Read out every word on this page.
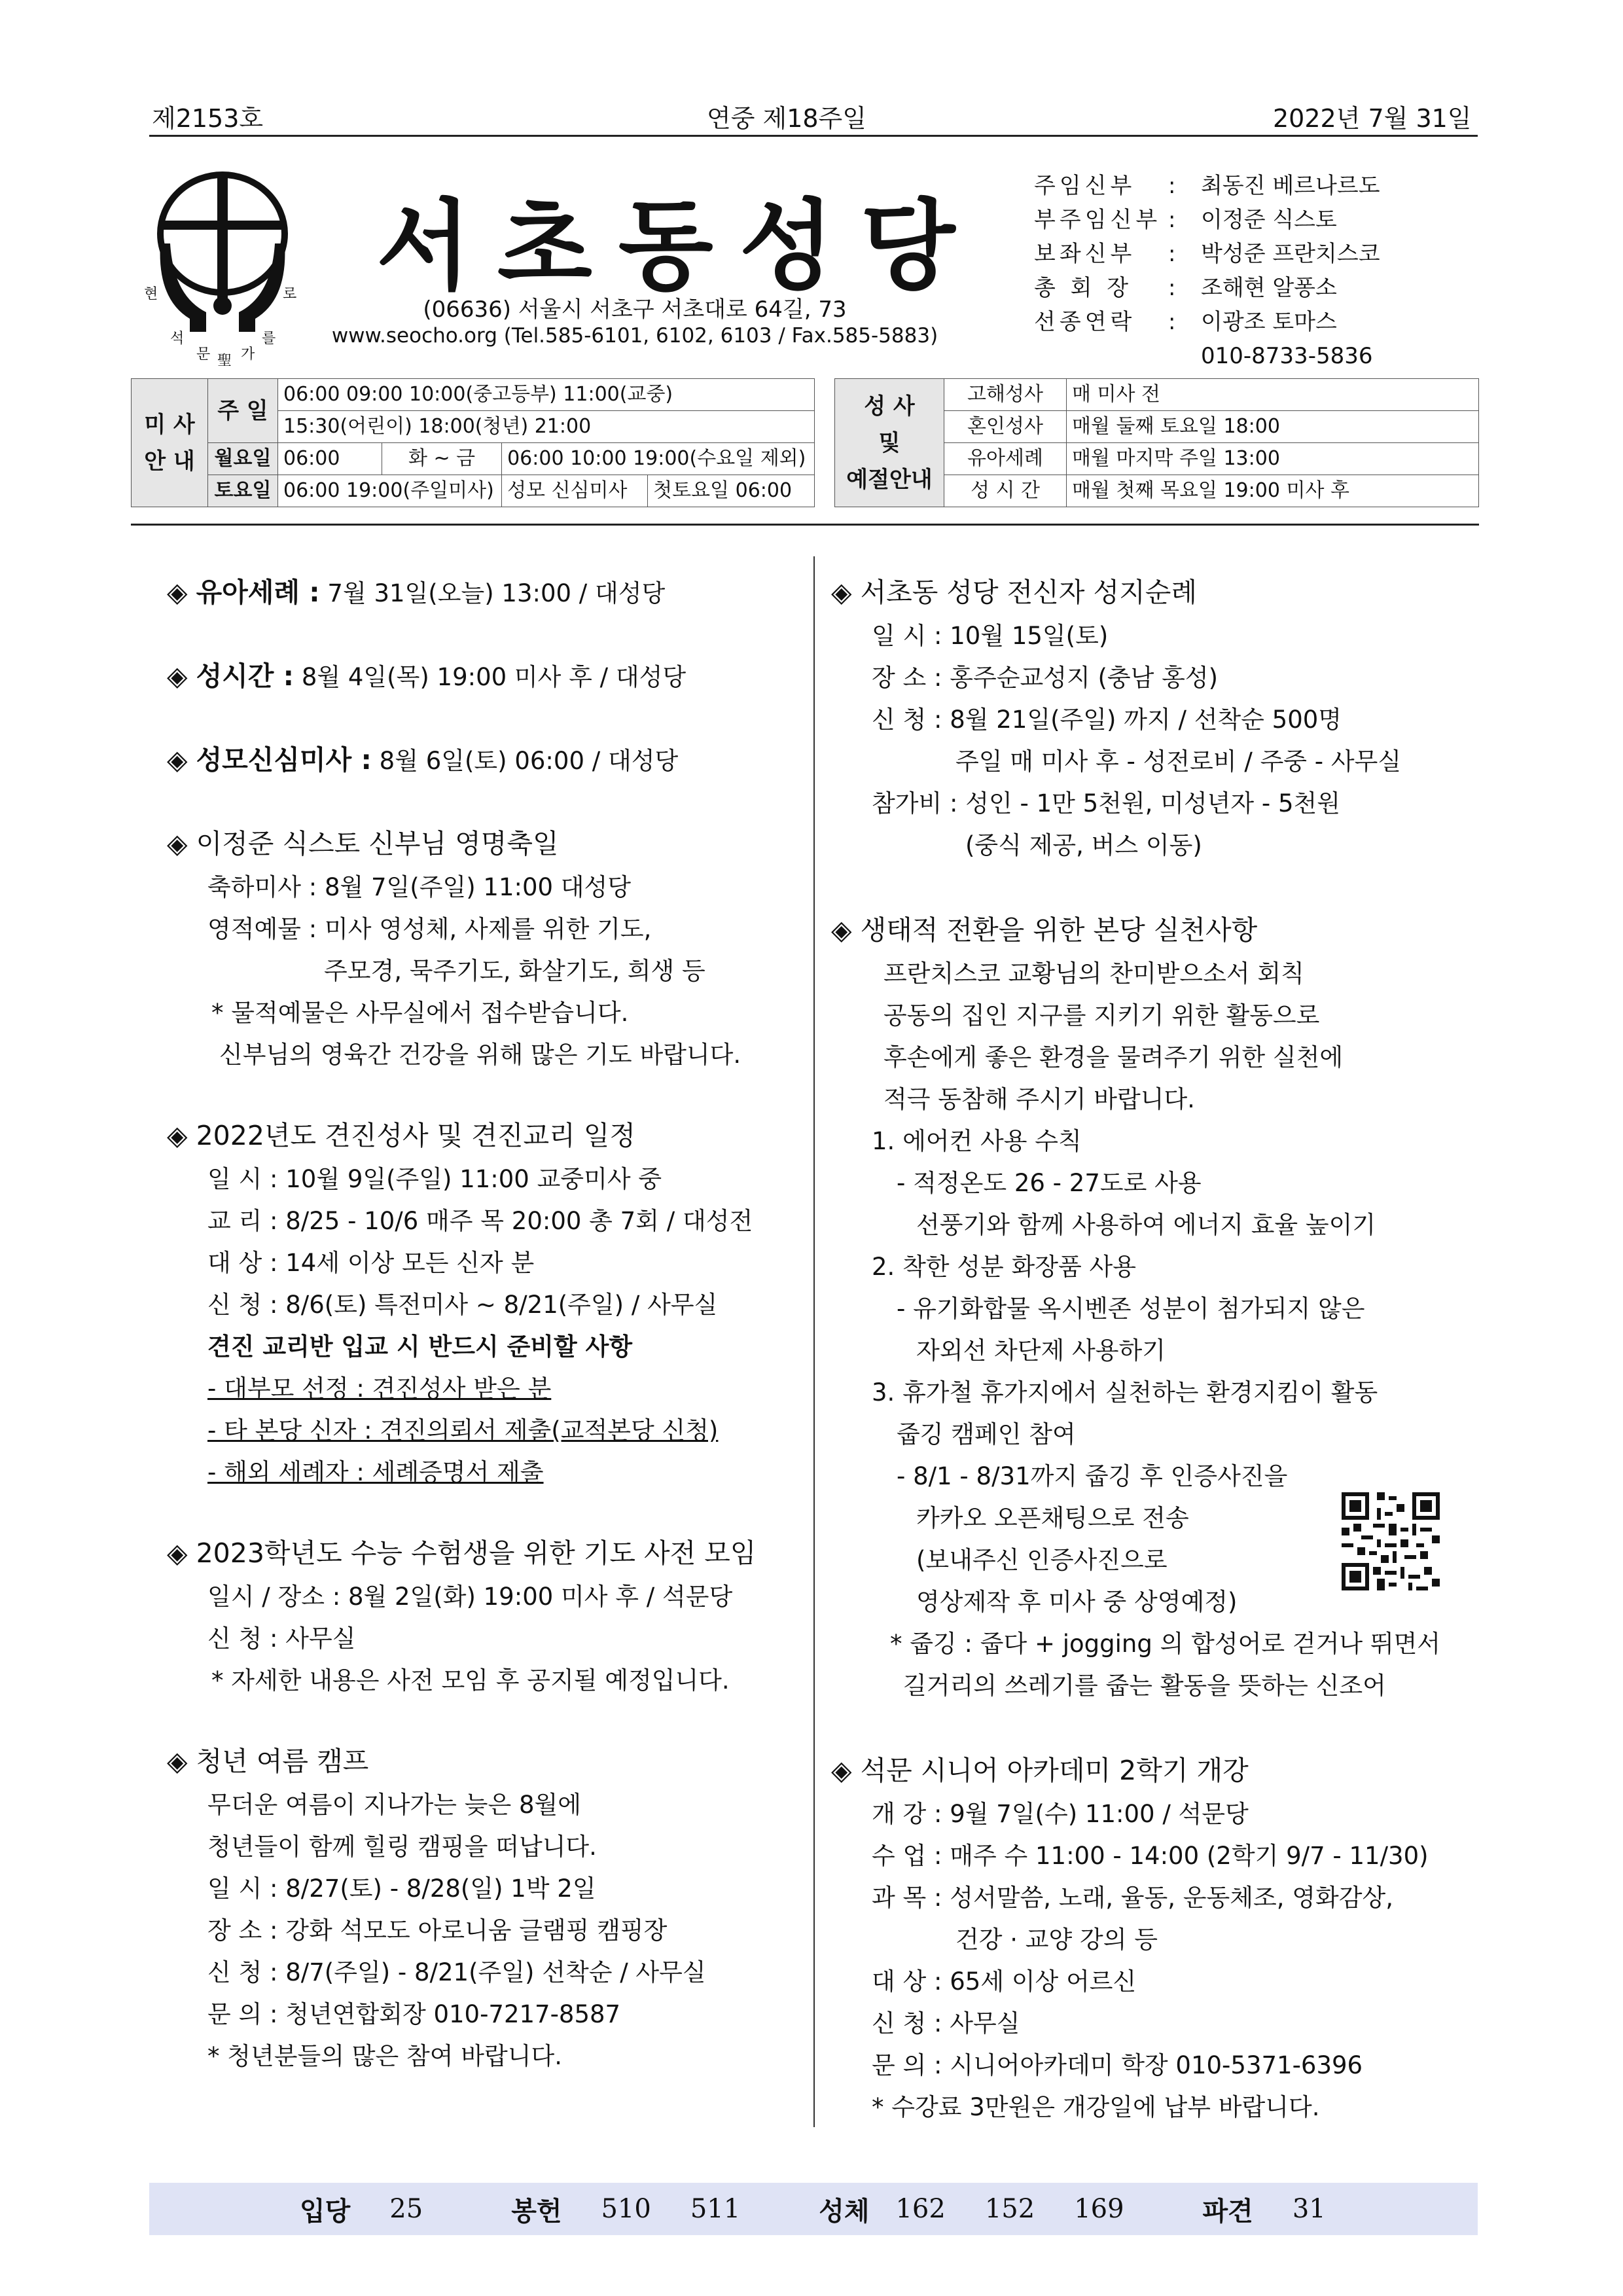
제2153호	연중 제18주일	2022년 7월 31일
현
석
문 聖 가
를
로 서초동성당
(06636) 서울시 서초구 서초대로 64길, 73
www.seocho.org (Tel.585-6101, 6102, 6103 / Fax.585-5883)
주임신부	:	최동진 베르나르도
부주임신부 :	이정준 식스토
보좌신부	:	박성준 프란치스코
총 회 장	:	조해현 알퐁소
선종연락	:	이광조 토마스
010-8733-5836
미 사 안 내	주 일	06:00 09:00 10:00(중고등부) 11:00(교중)			
		15:30(어린이) 18:00(청년) 21:00			
	월요일	06:00	화 ~ 금	06:00 10:00 19:00(수요일 제외)	
	토요일	06:00 19:00(주일미사)		성모 신심미사	첫토요일 06:00
성 사
및
예절안내	고해성사	매 미사 전
	혼인성사	매월 둘째 토요일 18:00
	유아세례	매월 마지막 주일 13:00
	성 시 간	매월 첫째 목요일 19:00 미사 후
◈ 유아세례 : 7월 31일(오늘) 13:00 / 대성당
◈ 성시간 : 8월 4일(목) 19:00 미사 후 / 대성당
◈ 성모신심미사 : 8월 6일(토) 06:00 / 대성당
◈ 이정준 식스토 신부님 영명축일
축하미사 : 8월 7일(주일) 11:00 대성당
영적예물 : 미사 영성체, 사제를 위한 기도,
주모경, 묵주기도, 화살기도, 희생 등
* 물적예물은 사무실에서 접수받습니다.
신부님의 영육간 건강을 위해 많은 기도 바랍니다.
◈ 2022년도 견진성사 및 견진교리 일정
일 시 : 10월 9일(주일) 11:00 교중미사 중
교 리 : 8/25 - 10/6 매주 목 20:00 총 7회 / 대성전
대 상 : 14세 이상 모든 신자 분
신 청 : 8/6(토) 특전미사 ~ 8/21(주일) / 사무실
견진 교리반 입교 시 반드시 준비할 사항
- 대부모 선정 : 견진성사 받은 분
- 타 본당 신자 : 견진의뢰서 제출(교적본당 신청)
- 해외 세례자 : 세례증명서 제출
◈ 2023학년도 수능 수험생을 위한 기도 사전 모임
일시 / 장소 : 8월 2일(화) 19:00 미사 후 / 석문당
신 청 : 사무실
* 자세한 내용은 사전 모임 후 공지될 예정입니다.
◈ 청년 여름 캠프
무더운 여름이 지나가는 늦은 8월에
청년들이 함께 힐링 캠핑을 떠납니다.
일 시 : 8/27(토) - 8/28(일) 1박 2일
장 소 : 강화 석모도 아로니움 글램핑 캠핑장
신 청 : 8/7(주일) - 8/21(주일) 선착순 / 사무실
문 의 : 청년연합회장 010-7217-8587
* 청년분들의 많은 참여 바랍니다.
◈ 서초동 성당 전신자 성지순례
일 시 : 10월 15일(토)
장 소 : 홍주순교성지 (충남 홍성)
신 청 : 8월 21일(주일) 까지 / 선착순 500명
주일 매 미사 후 - 성전로비 / 주중 - 사무실
참가비 : 성인 - 1만 5천원, 미성년자 - 5천원
(중식 제공, 버스 이동)
◈ 생태적 전환을 위한 본당 실천사항
프란치스코 교황님의 찬미받으소서 회칙
공동의 집인 지구를 지키기 위한 활동으로
후손에게 좋은 환경을 물려주기 위한 실천에
적극 동참해 주시기 바랍니다.
1. 에어컨 사용 수칙
- 적정온도 26 - 27도로 사용
선풍기와 함께 사용하여 에너지 효율 높이기
2. 착한 성분 화장품 사용
- 유기화합물 옥시벤존 성분이 첨가되지 않은
자외선 차단제 사용하기
3. 휴가철 휴가지에서 실천하는 환경지킴이 활동
줍깅 캠페인 참여
- 8/1 - 8/31까지 줍깅 후 인증사진을
카카오 오픈채팅으로 전송
(보내주신 인증사진으로
영상제작 후 미사 중 상영예정)
* 줍깅 : 줍다 + jogging 의 합성어로 걷거나 뛰면서
길거리의 쓰레기를 줍는 활동을 뜻하는 신조어
◈ 석문 시니어 아카데미 2학기 개강
개 강 : 9월 7일(수) 11:00 / 석문당
수 업 : 매주 수 11:00 - 14:00 (2학기 9/7 - 11/30)
과 목 : 성서말씀, 노래, 율동, 운동체조, 영화감상,
건강 · 교양 강의 등
대 상 : 65세 이상 어르신
신 청 : 사무실
문 의 : 시니어아카데미 학장 010-5371-6396
* 수강료 3만원은 개강일에 납부 바랍니다.
입당 25	봉헌 510 511	성체 162 152 169	파견 31
